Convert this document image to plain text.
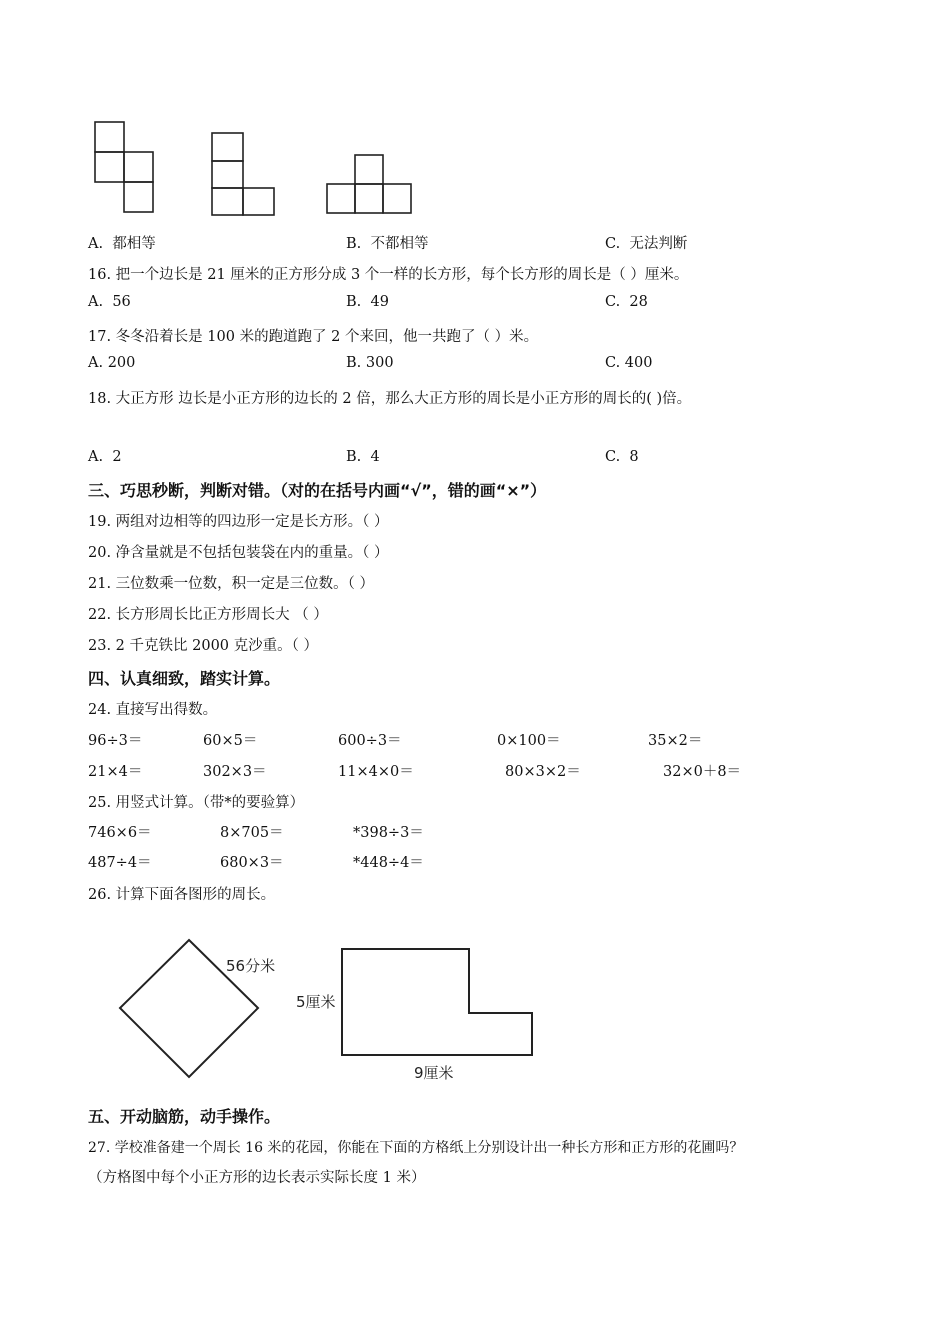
56分米
5厘米
9厘米
A. 都相等	B. 不都相等	C. 无法判断
16. 把一个边长是 21 厘米的正方形分成 3 个一样的长方形，每个长方形的周长是（ ）厘米。
A. 56	B. 49	C. 28
17. 冬冬沿着长是 100 米的跑道跑了 2 个来回，他一共跑了（ ）米。
A. 200	B. 300	C. 400
18. 大正方形 边长是小正方形的边长的 2 倍，那么大正方形的周长是小正方形的周长的( )倍。
A. 2	B. 4	C. 8
三、巧思秒断，判断对错。（对的在括号内画“√”，错的画“×”）
19. 两组对边相等的四边形一定是长方形。（ ）
20. 净含量就是不包括包装袋在内的重量。（ ）
21. 三位数乘一位数，积一定是三位数。（ ）
22. 长方形周长比正方形周长大 （ ）
23. 2 千克铁比 2000 克沙重。（ ）
四、认真细致，踏实计算。
24. 直接写出得数。
96÷3＝	60×5＝	600÷3＝	0×100＝	35×2＝
21×4＝	302×3＝	11×4×0＝	80×3×2＝	32×0＋8＝
25. 用竖式计算。（带*的要验算）
746×6＝	8×705＝	*398÷3＝
487÷4＝	680×3＝	*448÷4＝
26. 计算下面各图形的周长。
五、开动脑筋，动手操作。
27. 学校准备建一个周长 16 米的花园，你能在下面的方格纸上分别设计出一种长方形和正方形的花圃吗？
（方格图中每个小正方形的边长表示实际长度 1 米）
